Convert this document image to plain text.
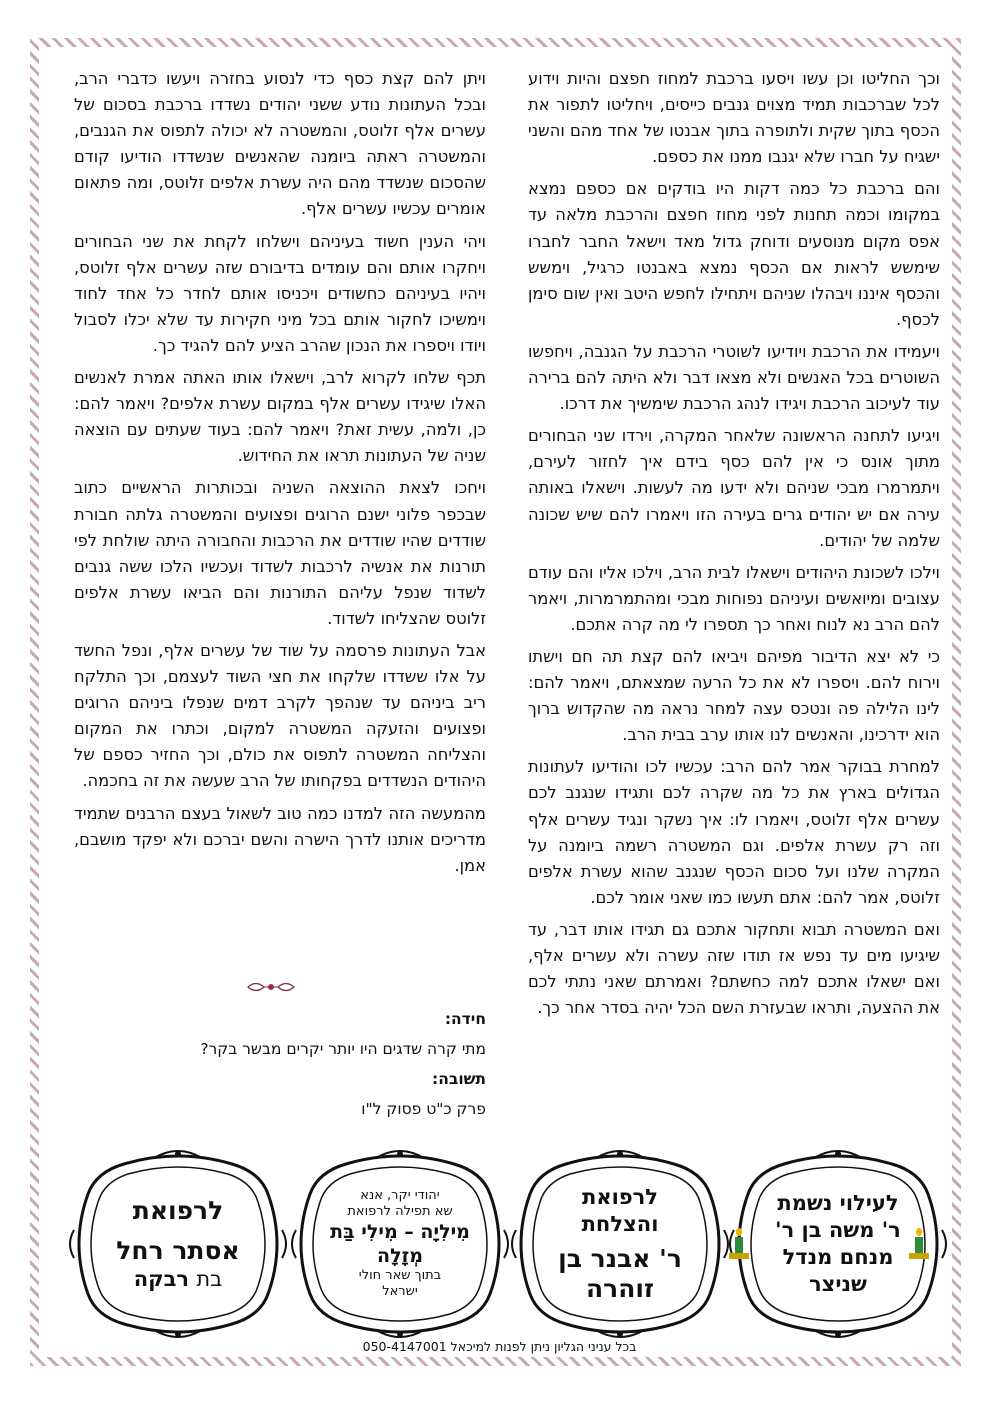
וכך החליטו וכן עשו ויסעו ברכבת למחוז חפצם והיות וידוע לכל שברכבות תמיד מצוים גנבים כייסים, ויחליטו לתפור את הכסף בתוך שקית ולתופרה בתוך אבנטו של אחד מהם והשני ישגיח על חברו שלא יגנבו ממנו את כספם.

והם ברכבת כל כמה דקות היו בודקים אם כספם נמצא במקומו וכמה תחנות לפני מחוז חפצם והרכבת מלאה עד אפס מקום מנוסעים ודוחק גדול מאד וישאל החבר לחברו שימשש לראות אם הכסף נמצא באבנטו כרגיל, וימשש והכסף איננו ויבהלו שניהם ויתחילו לחפש היטב ואין שום סימן לכסף.

ויעמידו את הרכבת ויודיעו לשוטרי הרכבת על הגנבה, ויחפשו השוטרים בכל האנשים ולא מצאו דבר ולא היתה להם ברירה עוד לעיכוב הרכבת ויגידו לנהג הרכבת שימשיך את דרכו.

ויגיעו לתחנה הראשונה שלאחר המקרה, וירדו שני הבחורים מתוך אונס כי אין להם כסף בידם איך לחזור לעירם, ויתמרמרו מבכי שניהם ולא ידעו מה לעשות. וישאלו באותה עירה אם יש יהודים גרים בעירה הזו ויאמרו להם שיש שכונה שלמה של יהודים.

וילכו לשכונת היהודים וישאלו לבית הרב, וילכו אליו והם עודם עצובים ומיואשים ועיניהם נפוחות מבכי ומהתמרמרות, ויאמר להם הרב נא לנוח ואחר כך תספרו לי מה קרה אתכם.

כי לא יצא הדיבור מפיהם ויביאו להם קצת תה חם וישתו וירוח להם. ויספרו לא את כל הרעה שמצאתם, ויאמר להם: לינו הלילה פה ונטכס עצה למחר נראה מה שהקדוש ברוך הוא ידרכינו, והאנשים לנו אותו ערב בבית הרב.

למחרת בבוקר אמר להם הרב: עכשיו לכו והודיעו לעתונות הגדולים בארץ את כל מה שקרה לכם ותגידו שנגנב לכם עשרים אלף זלוטס, ויאמרו לו: איך נשקר ונגיד עשרים אלף וזה רק עשרת אלפים. וגם המשטרה רשמה ביומנה על המקרה שלנו ועל סכום הכסף שנגנב שהוא עשרת אלפים זלוטס, אמר להם: אתם תעשו כמו שאני אומר לכם.

ואם המשטרה תבוא ותחקור אתכם גם תגידו אותו דבר, עד שיגיעו מים עד נפש אז תודו שזה עשרה ולא עשרים אלף, ואם ישאלו אתכם למה כחשתם? ואמרתם שאני נתתי לכם את ההצעה, ותראו שבעזרת השם הכל יהיה בסדר אחר כך.

ויתן להם קצת כסף כדי לנסוע בחזרה ויעשו כדברי הרב, ובכל העתונות נודע ששני יהודים נשדדו ברכבת בסכום של עשרים אלף זלוטס, והמשטרה לא יכולה לתפוס את הגנבים, והמשטרה ראתה ביומנה שהאנשים שנשדדו הודיעו קודם שהסכום שנשדד מהם היה עשרת אלפים זלוטס, ומה פתאום אומרים עכשיו עשרים אלף.

ויהי הענין חשוד בעיניהם וישלחו לקחת את שני הבחורים ויחקרו אותם והם עומדים בדיבורם שזה עשרים אלף זלוטס, ויהיו בעיניהם כחשודים ויכניסו אותם לחדר כל אחד לחוד וימשיכו לחקור אותם בכל מיני חקירות עד שלא יכלו לסבול ויודו ויספרו את הנכון שהרב הציע להם להגיד כך.

תכף שלחו לקרוא לרב, וישאלו אותו האתה אמרת לאנשים האלו שיגידו עשרים אלף במקום עשרת אלפים? ויאמר להם: כן, ולמה, עשית זאת? ויאמר להם: בעוד שעתים עם הוצאה שניה של העתונות תראו את החידוש.

ויחכו לצאת ההוצאה השניה ובכותרות הראשיים כתוב שבכפר פלוני ישנם הרוגים ופצועים והמשטרה גלתה חבורת שודדים שהיו שודדים את הרכבות והחבורה היתה שולחת לפי תורנות את אנשיה לרכבות לשדוד ועכשיו הלכו ששה גנבים לשדוד שנפל עליהם התורנות והם הביאו עשרת אלפים זלוטס שהצליחו לשדוד.

אבל העתונות פרסמה על שוד של עשרים אלף, ונפל החשד על אלו ששדדו שלקחו את חצי השוד לעצמם, וכך התלקח ריב ביניהם עד שנהפך לקרב דמים שנפלו ביניהם הרוגים ופצועים והזעקה המשטרה למקום, וכתרו את המקום והצליחה המשטרה לתפוס את כולם, וכך החזיר כספם של היהודים הנשדדים בפקחותו של הרב שעשה את זה בחכמה.

מהמעשה הזה למדנו כמה טוב לשאול בעצם הרבנים שתמיד מדריכים אותנו לדרך הישרה והשם יברכם ולא יפקד מושבם, אמן.

חידה:
מתי קרה שדגים היו יותר יקרים מבשר בקר?
תשובה:
פרק כ"ט פסוק ל"ו
לעילוי נשמת
ר' משה בן ר'
מנחם מנדל
שניצר
לרפואת
והצלחת
ר' אבנר בן
זוהרה
יהודי יקר, אנא
שא תפילה לרפואת
מִילִיָה – מִילִי בַּת
מְזָלָה
בתוך שאר חולי
ישראל
לרפואת
אסתר רחל
בת רבקה
בכל עניני הגליון ניתן לפנות למיכאל 050-4147001
